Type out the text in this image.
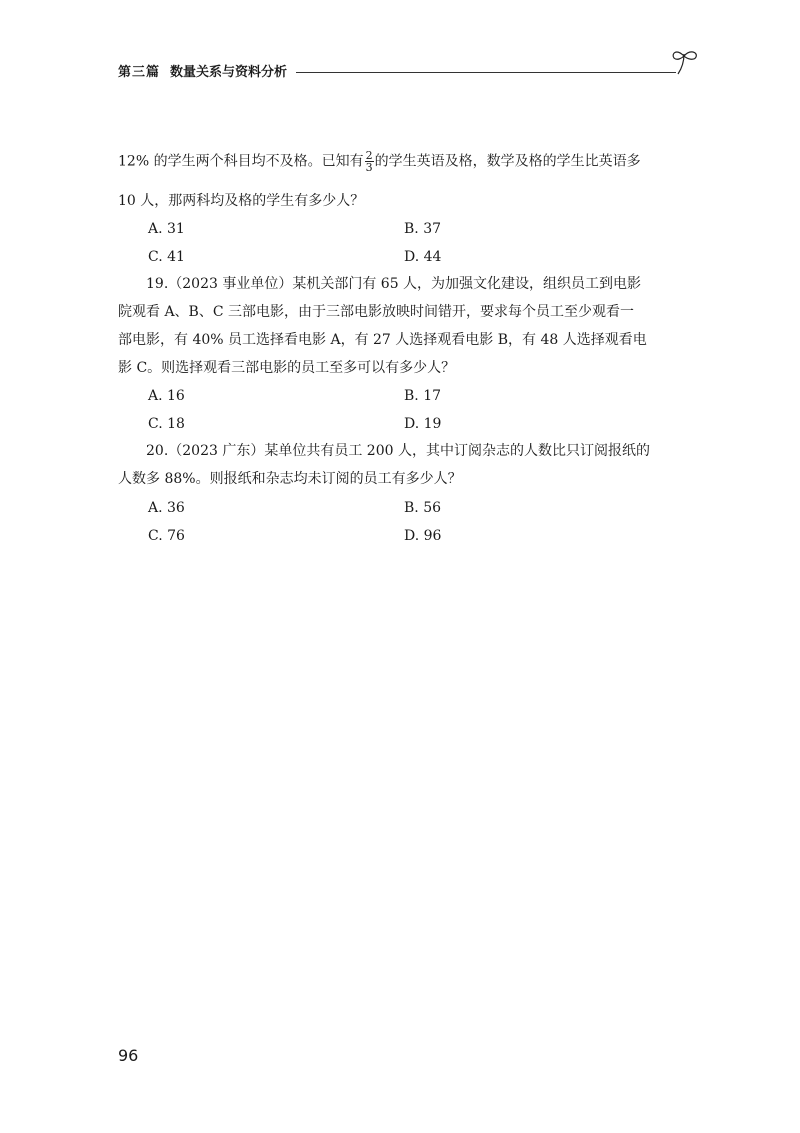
第三篇 数量关系与资料分析
12% 的学生两个科目均不及格。已知有 $\frac{2}{3}$ 的学生英语及格，数学及格的学生比英语多
10 人，那两科均及格的学生有多少人？
A. 31	B. 37
C. 41	D. 44
19.（2023 事业单位）某机关部门有 65 人，为加强文化建设，组织员工到电影
院观看 A、B、C 三部电影，由于三部电影放映时间错开，要求每个员工至少观看一
部电影，有 40% 员工选择看电影 A，有 27 人选择观看电影 B，有 48 人选择观看电
影 C。则选择观看三部电影的员工至多可以有多少人？
A. 16	B. 17
C. 18	D. 19
20.（2023 广东）某单位共有员工 200 人，其中订阅杂志的人数比只订阅报纸的
人数多 88%。则报纸和杂志均未订阅的员工有多少人？
A. 36	B. 56
C. 76	D. 96
96
